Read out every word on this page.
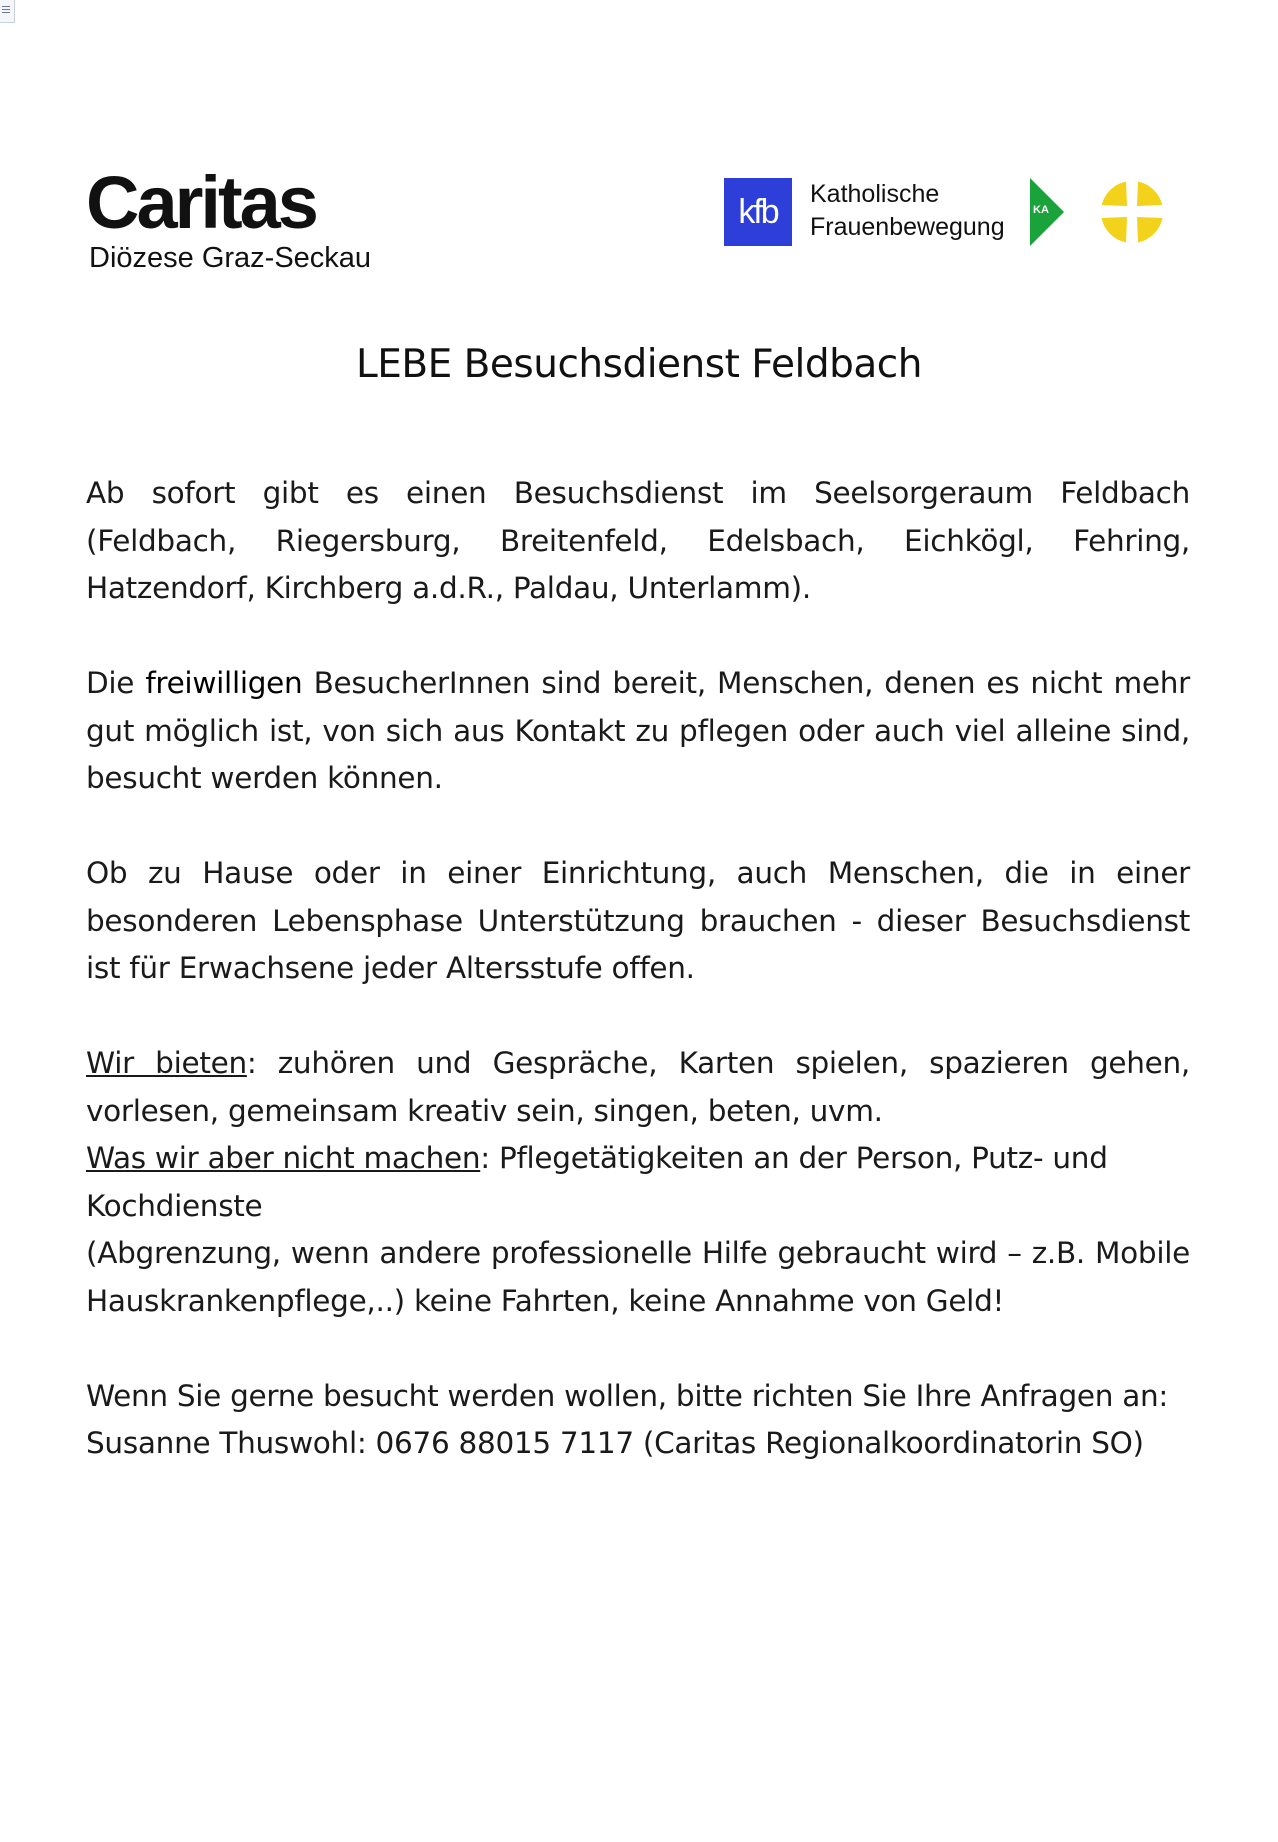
Caritas
Diözese Graz-Seckau
kfb	Katholische
Frauenbewegung
KA
LEBE Besuchsdienst Feldbach

Ab sofort gibt es einen Besuchsdienst im Seelsorgeraum Feldbach (Feldbach, Riegersburg, Breitenfeld, Edelsbach, Eichkögl, Fehring, Hatzendorf, Kirchberg a.d.R., Paldau, Unterlamm).

Die freiwilligen BesucherInnen sind bereit, Menschen, denen es nicht mehr gut möglich ist, von sich aus Kontakt zu pflegen oder auch viel alleine sind, besucht werden können.

Ob zu Hause oder in einer Einrichtung, auch Menschen, die in einer besonderen Lebensphase Unterstützung brauchen - dieser Besuchsdienst ist für Erwachsene jeder Altersstufe offen.

Wir bieten: zuhören und Gespräche, Karten spielen, spazieren gehen, vorlesen, gemeinsam kreativ sein, singen, beten, uvm.

Was wir aber nicht machen: Pflegetätigkeiten an der Person, Putz- und Kochdienste

(Abgrenzung, wenn andere professionelle Hilfe gebraucht wird – z.B. Mobile Hauskrankenpflege,..) keine Fahrten, keine Annahme von Geld!

Wenn Sie gerne besucht werden wollen, bitte richten Sie Ihre Anfragen an:

Susanne Thuswohl: 0676 88015 7117 (Caritas Regionalkoordinatorin SO)
